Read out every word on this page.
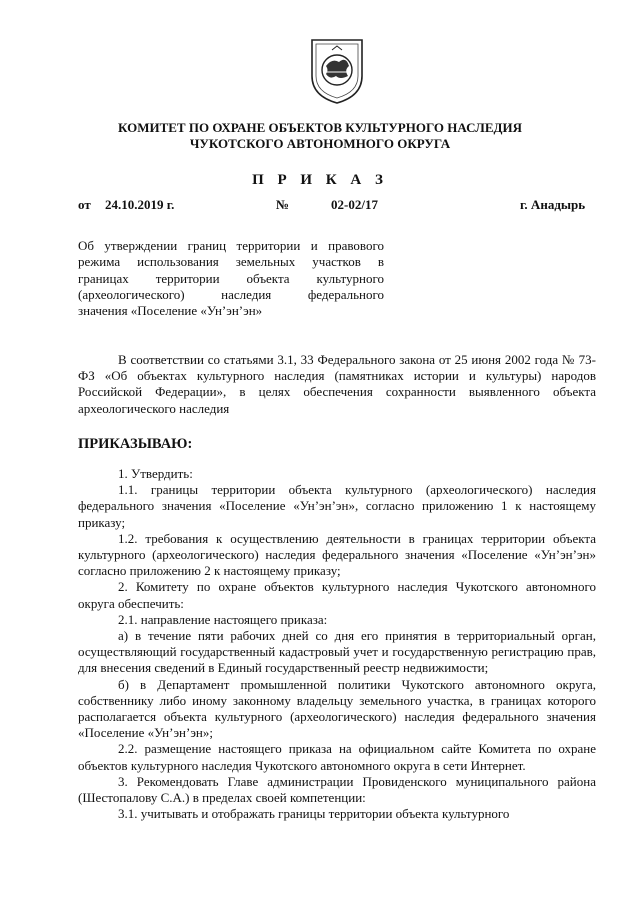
КОМИТЕТ ПО ОХРАНЕ ОБЪЕКТОВ КУЛЬТУРНОГО НАСЛЕДИЯ
ЧУКОТСКОГО АВТОНОМНОГО ОКРУГА
П Р И К А З
от 24.10.2019 г.	№	02-02/17	г. Анадырь
Об утверждении границ территории и правового
режима использования земельных участков в
границах территории объекта культурного
(археологического) наследия федерального
значения «Поселение «Ун’эн’эн»

В соответствии со статьями 3.1, 33 Федерального закона от 25 июня 2002 года № 73-ФЗ «Об объектах культурного наследия (памятниках истории и культуры) народов Российской Федерации», в целях обеспечения сохранности выявленного объекта археологического наследия

ПРИКАЗЫВАЮ:

1. Утвердить:

1.1. границы территории объекта культурного (археологического) наследия федерального значения «Поселение «Ун’эн’эн», согласно приложению 1 к настоящему приказу;

1.2. требования к осуществлению деятельности в границах территории объекта культурного (археологического) наследия федерального значения «Поселение «Ун’эн’эн» согласно приложению 2 к настоящему приказу;

2. Комитету по охране объектов культурного наследия Чукотского автономного округа обеспечить:

2.1. направление настоящего приказа:

а) в течение пяти рабочих дней со дня его принятия в территориальный орган, осуществляющий государственный кадастровый учет и государственную регистрацию прав, для внесения сведений в Единый государственный реестр недвижимости;

б) в Департамент промышленной политики Чукотского автономного округа, собственнику либо иному законному владельцу земельного участка, в границах которого располагается объекта культурного (археологического) наследия федерального значения «Поселение «Ун’эн’эн»;

2.2. размещение настоящего приказа на официальном сайте Комитета по охране объектов культурного наследия Чукотского автономного округа в сети Интернет.

3. Рекомендовать Главе администрации Провиденского муниципального района (Шестопалову С.А.) в пределах своей компетенции:

3.1. учитывать и отображать границы территории объекта культурного
